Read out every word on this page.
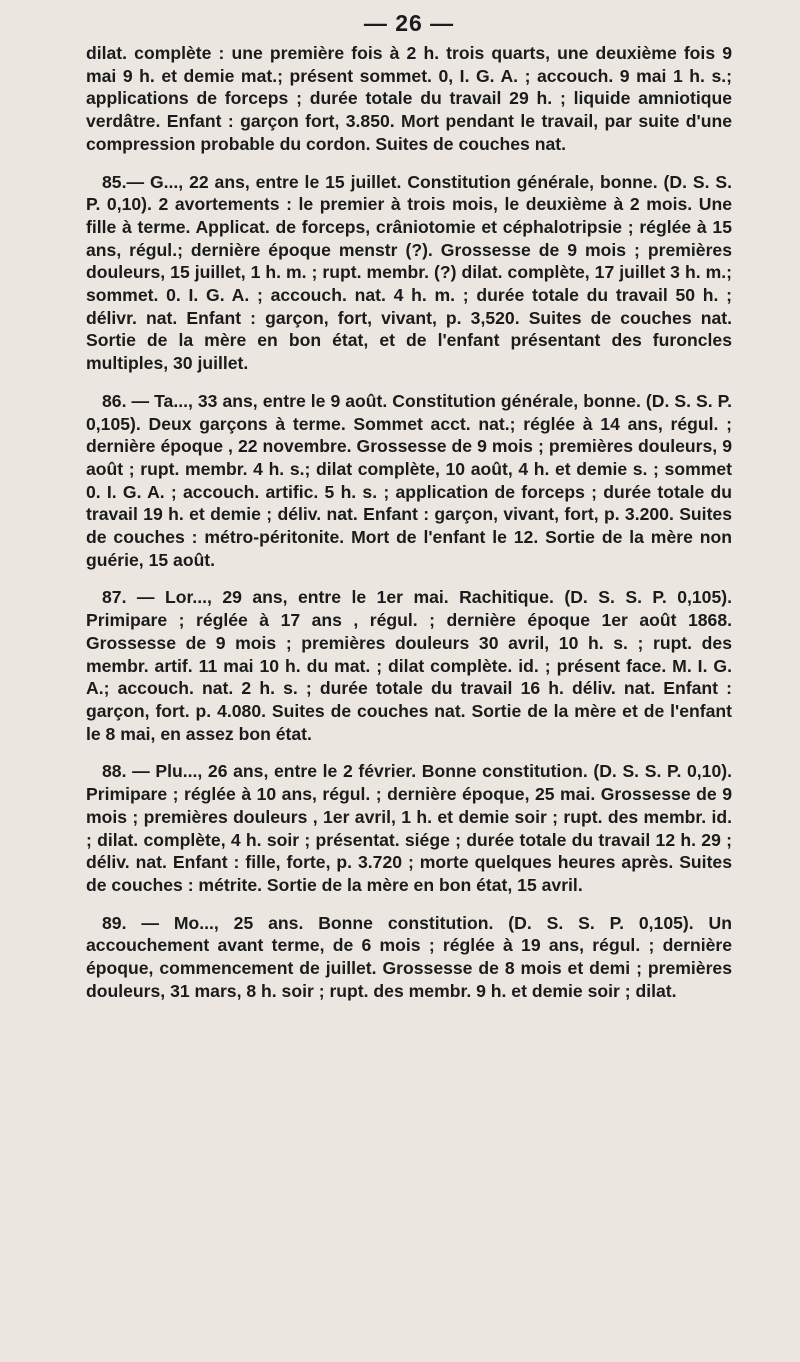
— 26 —

dilat. complète : une première fois à 2 h. trois quarts, une deuxième fois 9 mai 9 h. et demie mat.; présent sommet. 0, I. G. A. ; accouch. 9 mai 1 h. s.; applications de forceps ; durée totale du travail 29 h. ; liquide amniotique verdâtre. Enfant : garçon fort, 3.850. Mort pendant le travail, par suite d'une compression probable du cordon. Suites de couches nat.

85.— G..., 22 ans, entre le 15 juillet. Constitution générale, bonne. (D. S. S. P. 0,10). 2 avortements : le premier à trois mois, le deuxième à 2 mois. Une fille à terme. Applicat. de forceps, crâniotomie et céphalotripsie ; réglée à 15 ans, régul.; dernière époque menstr (?). Grossesse de 9 mois ; premières douleurs, 15 juillet, 1 h. m. ; rupt. membr. (?) dilat. complète, 17 juillet 3 h. m.; sommet. 0. I. G. A. ; accouch. nat. 4 h. m. ; durée totale du travail 50 h. ; délivr. nat. Enfant : garçon, fort, vivant, p. 3,520. Suites de couches nat. Sortie de la mère en bon état, et de l'enfant présentant des furoncles multiples, 30 juillet.

86. — Ta..., 33 ans, entre le 9 août. Constitution générale, bonne. (D. S. S. P. 0,105). Deux garçons à terme. Sommet acct. nat.; réglée à 14 ans, régul. ; dernière époque , 22 novembre. Grossesse de 9 mois ; premières douleurs, 9 août ; rupt. membr. 4 h. s.; dilat complète, 10 août, 4 h. et demie s. ; sommet 0. I. G. A. ; accouch. artific. 5 h. s. ; application de forceps ; durée totale du travail 19 h. et demie ; déliv. nat. Enfant : garçon, vivant, fort, p. 3.200. Suites de couches : métro-péritonite. Mort de l'enfant le 12. Sortie de la mère non guérie, 15 août.

87. — Lor..., 29 ans, entre le 1er mai. Rachitique. (D. S. S. P. 0,105). Primipare ; réglée à 17 ans , régul. ; dernière époque 1er août 1868. Grossesse de 9 mois ; premières douleurs 30 avril, 10 h. s. ; rupt. des membr. artif. 11 mai 10 h. du mat. ; dilat complète. id. ; présent face. M. I. G. A.; accouch. nat. 2 h. s. ; durée totale du travail 16 h. déliv. nat. Enfant : garçon, fort. p. 4.080. Suites de couches nat. Sortie de la mère et de l'enfant le 8 mai, en assez bon état.

88. — Plu..., 26 ans, entre le 2 février. Bonne constitution. (D. S. S. P. 0,10). Primipare ; réglée à 10 ans, régul. ; dernière époque, 25 mai. Grossesse de 9 mois ; premières douleurs , 1er avril, 1 h. et demie soir ; rupt. des membr. id. ; dilat. complète, 4 h. soir ; présentat. siége ; durée totale du travail 12 h. 29 ; déliv. nat. Enfant : fille, forte, p. 3.720 ; morte quelques heures après. Suites de couches : métrite. Sortie de la mère en bon état, 15 avril.

89. — Mo..., 25 ans. Bonne constitution. (D. S. S. P. 0,105). Un accouchement avant terme, de 6 mois ; réglée à 19 ans, régul. ; dernière époque, commencement de juillet. Grossesse de 8 mois et demi ; premières douleurs, 31 mars, 8 h. soir ; rupt. des membr. 9 h. et demie soir ; dilat.
